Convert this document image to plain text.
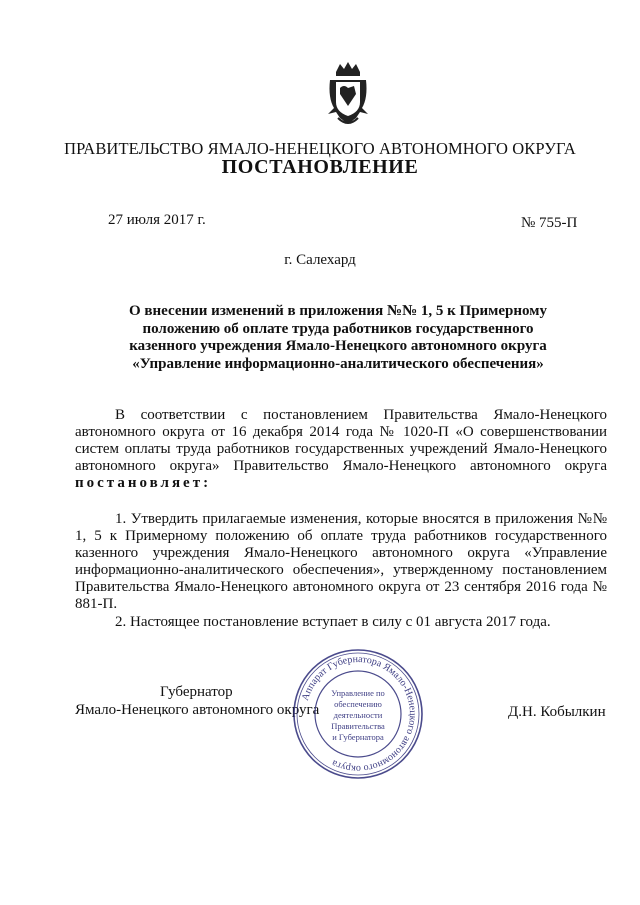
ПРАВИТЕЛЬСТВО ЯМАЛО-НЕНЕЦКОГО АВТОНОМНОГО ОКРУГА
ПОСТАНОВЛЕНИЕ
27 июля 2017 г.	№ 755-П
г. Салехард
О внесении изменений в приложения №№ 1, 5 к Примерному положению об оплате труда работников государственного казенного учреждения Ямало-Ненецкого автономного округа «Управление информационно-аналитического обеспечения»
В соответствии с постановлением Правительства Ямало-Ненецкого автономного округа от 16 декабря 2014 года № 1020-П «О совершенствовании систем оплаты труда работников государственных учреждений Ямало-Ненецкого автономного округа» Правительство Ямало-Ненецкого автономного округа постановляет:
1. Утвердить прилагаемые изменения, которые вносятся в приложения №№ 1, 5 к Примерному положению об оплате труда работников государственного казенного учреждения Ямало-Ненецкого автономного округа «Управление информационно-аналитического обеспечения», утвержденному постановлением Правительства Ямало-Ненецкого автономного округа от 23 сентября 2016 года № 881-П.
2. Настоящее постановление вступает в силу с 01 августа 2017 года.
Губернатор
Ямало-Ненецкого автономного округа	Д.Н. Кобылкин
Аппарат Губернатора Ямало-Ненецкого автономного округа
Управление по
обеспечению
деятельности
Правительства
и Губернатора
